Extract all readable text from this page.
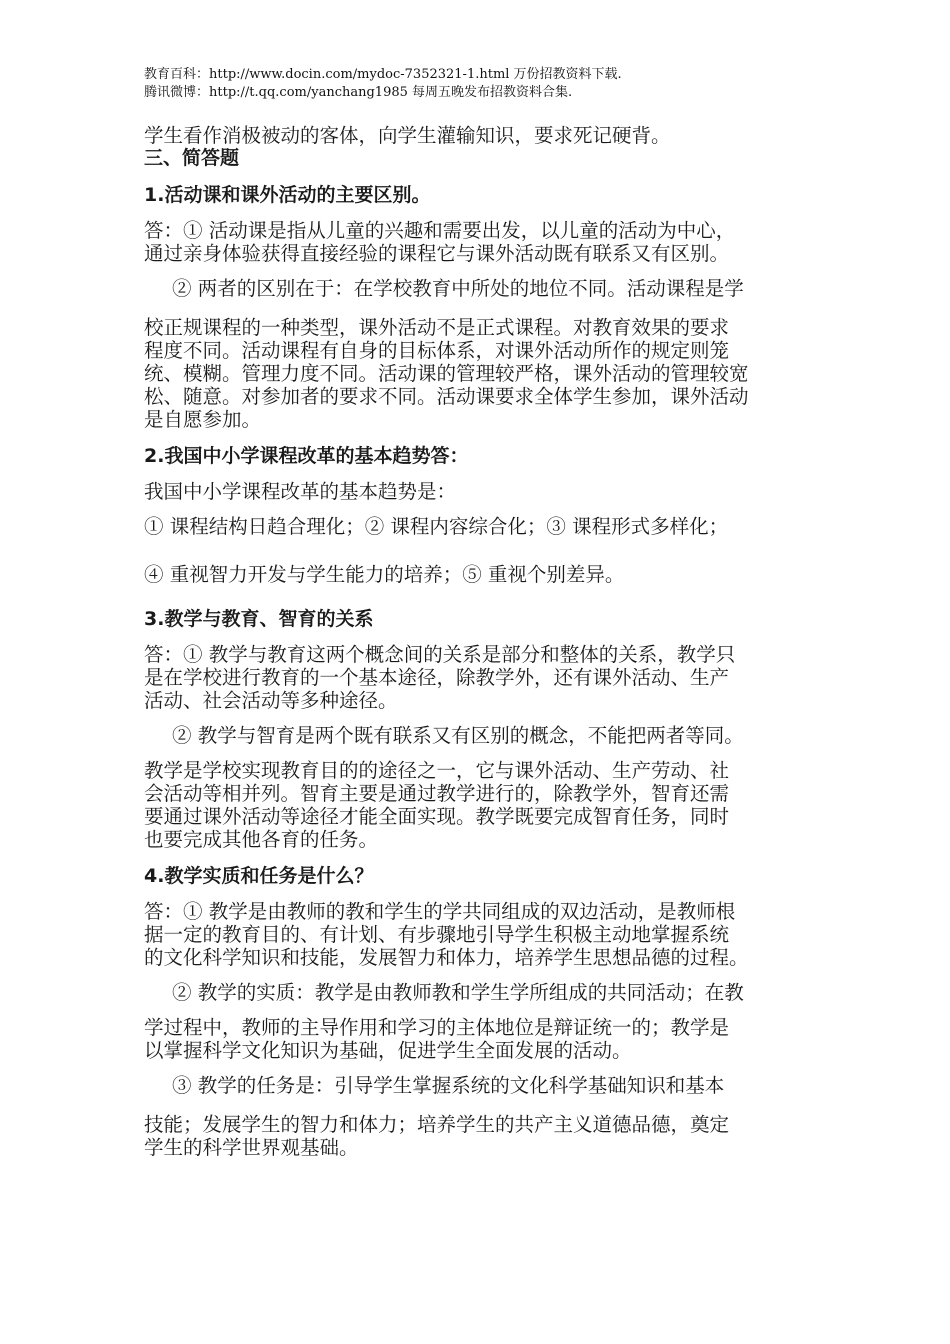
教育百科：http://www.docin.com/mydoc-7352321-1.html 万份招教资料下载.
腾讯微博：http://t.qq.com/yanchang1985 每周五晚发布招教资料合集.

学生看作消极被动的客体，向学生灌输知识，要求死记硬背。

三、简答题

1.活动课和课外活动的主要区别。

答：① 活动课是指从儿童的兴趣和需要出发，以儿童的活动为中心，

通过亲身体验获得直接经验的课程它与课外活动既有联系又有区别。

② 两者的区别在于：在学校教育中所处的地位不同。活动课程是学

校正规课程的一种类型，课外活动不是正式课程。对教育效果的要求

程度不同。活动课程有自身的目标体系，对课外活动所作的规定则笼

统、模糊。管理力度不同。活动课的管理较严格，课外活动的管理较宽

松、随意。对参加者的要求不同。活动课要求全体学生参加，课外活动

是自愿参加。

2.我国中小学课程改革的基本趋势答：

我国中小学课程改革的基本趋势是：

① 课程结构日趋合理化；② 课程内容综合化；③ 课程形式多样化；

④ 重视智力开发与学生能力的培养；⑤ 重视个别差异。

3.教学与教育、智育的关系

答：① 教学与教育这两个概念间的关系是部分和整体的关系，教学只

是在学校进行教育的一个基本途径，除教学外，还有课外活动、生产

活动、社会活动等多种途径。

② 教学与智育是两个既有联系又有区别的概念，不能把两者等同。

教学是学校实现教育目的的途径之一，它与课外活动、生产劳动、社

会活动等相并列。智育主要是通过教学进行的，除教学外，智育还需

要通过课外活动等途径才能全面实现。教学既要完成智育任务，同时

也要完成其他各育的任务。

4.教学实质和任务是什么？

答：① 教学是由教师的教和学生的学共同组成的双边活动，是教师根

据一定的教育目的、有计划、有步骤地引导学生积极主动地掌握系统

的文化科学知识和技能，发展智力和体力，培养学生思想品德的过程。

② 教学的实质：教学是由教师教和学生学所组成的共同活动；在教

学过程中，教师的主导作用和学习的主体地位是辩证统一的；教学是

以掌握科学文化知识为基础，促进学生全面发展的活动。

③ 教学的任务是：引导学生掌握系统的文化科学基础知识和基本

技能；发展学生的智力和体力；培养学生的共产主义道德品德，奠定

学生的科学世界观基础。
